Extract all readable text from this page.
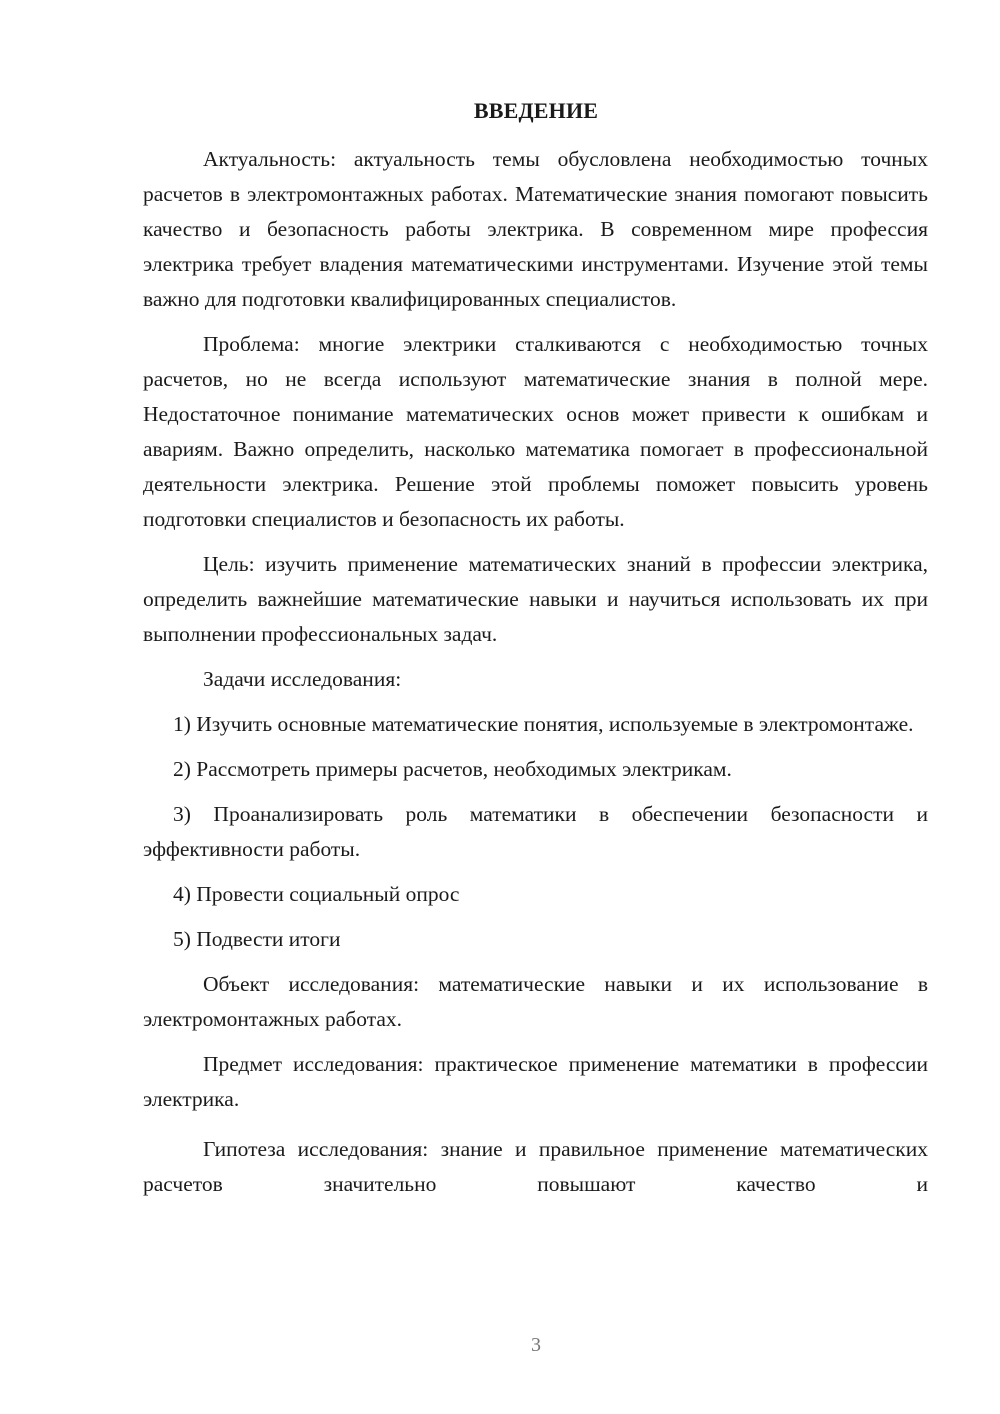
ВВЕДЕНИЕ

Актуальность: актуальность темы обусловлена необходимостью точных расчетов в электромонтажных работах. Математические знания помогают повысить качество и безопасность работы электрика. В современном мире профессия электрика требует владения математическими инструментами. Изучение этой темы важно для подготовки квалифицированных специалистов.

Проблема: многие электрики сталкиваются с необходимостью точных расчетов, но не всегда используют математические знания в полной мере. Недостаточное понимание математических основ может привести к ошибкам и авариям. Важно определить, насколько математика помогает в профессиональной деятельности электрика. Решение этой проблемы поможет повысить уровень подготовки специалистов и безопасность их работы.

Цель: изучить применение математических знаний в профессии электрика, определить важнейшие математические навыки и научиться использовать их при выполнении профессиональных задач.

Задачи исследования:

1) Изучить основные математические понятия, используемые в электромонтаже.

2) Рассмотреть примеры расчетов, необходимых электрикам.

3) Проанализировать роль математики в обеспечении безопасности и эффективности работы.

4) Провести социальный опрос

5) Подвести итоги

Объект исследования: математические навыки и их использование в электромонтажных работах.

Предмет исследования: практическое применение математики в профессии электрика.

Гипотеза исследования: знание и правильное применение математических расчетов значительно повышают качество и

3
